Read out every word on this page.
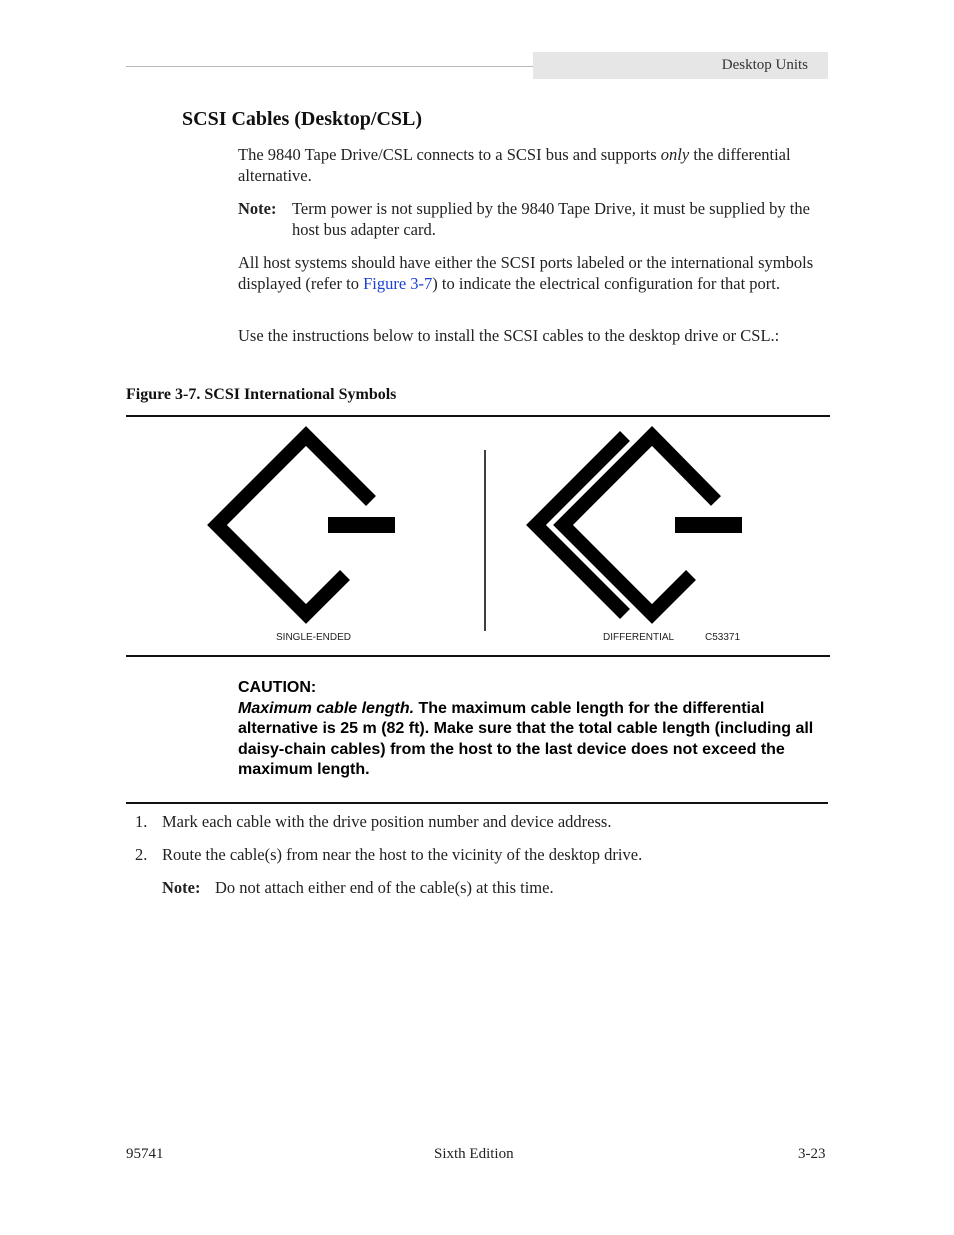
Desktop Units
SCSI Cables (Desktop/CSL)
The 9840 Tape Drive/CSL connects to a SCSI bus and supports only the differential alternative.
Note: Term power is not supplied by the 9840 Tape Drive, it must be supplied by the host bus adapter card.
All host systems should have either the SCSI ports labeled or the international symbols displayed (refer to Figure 3-7) to indicate the electrical configuration for that port.
Use the instructions below to install the SCSI cables to the desktop drive or CSL.:
Figure 3-7. SCSI International Symbols
SINGLE-ENDED	DIFFERENTIAL	C53371
CAUTION:
Maximum cable length. The maximum cable length for the differential alternative is 25 m (82 ft). Make sure that the total cable length (including all daisy-chain cables) from the host to the last device does not exceed the maximum length.
1. Mark each cable with the drive position number and device address.
2. Route the cable(s) from near the host to the vicinity of the desktop drive.
Note: Do not attach either end of the cable(s) at this time.
95741	Sixth Edition	3-23
